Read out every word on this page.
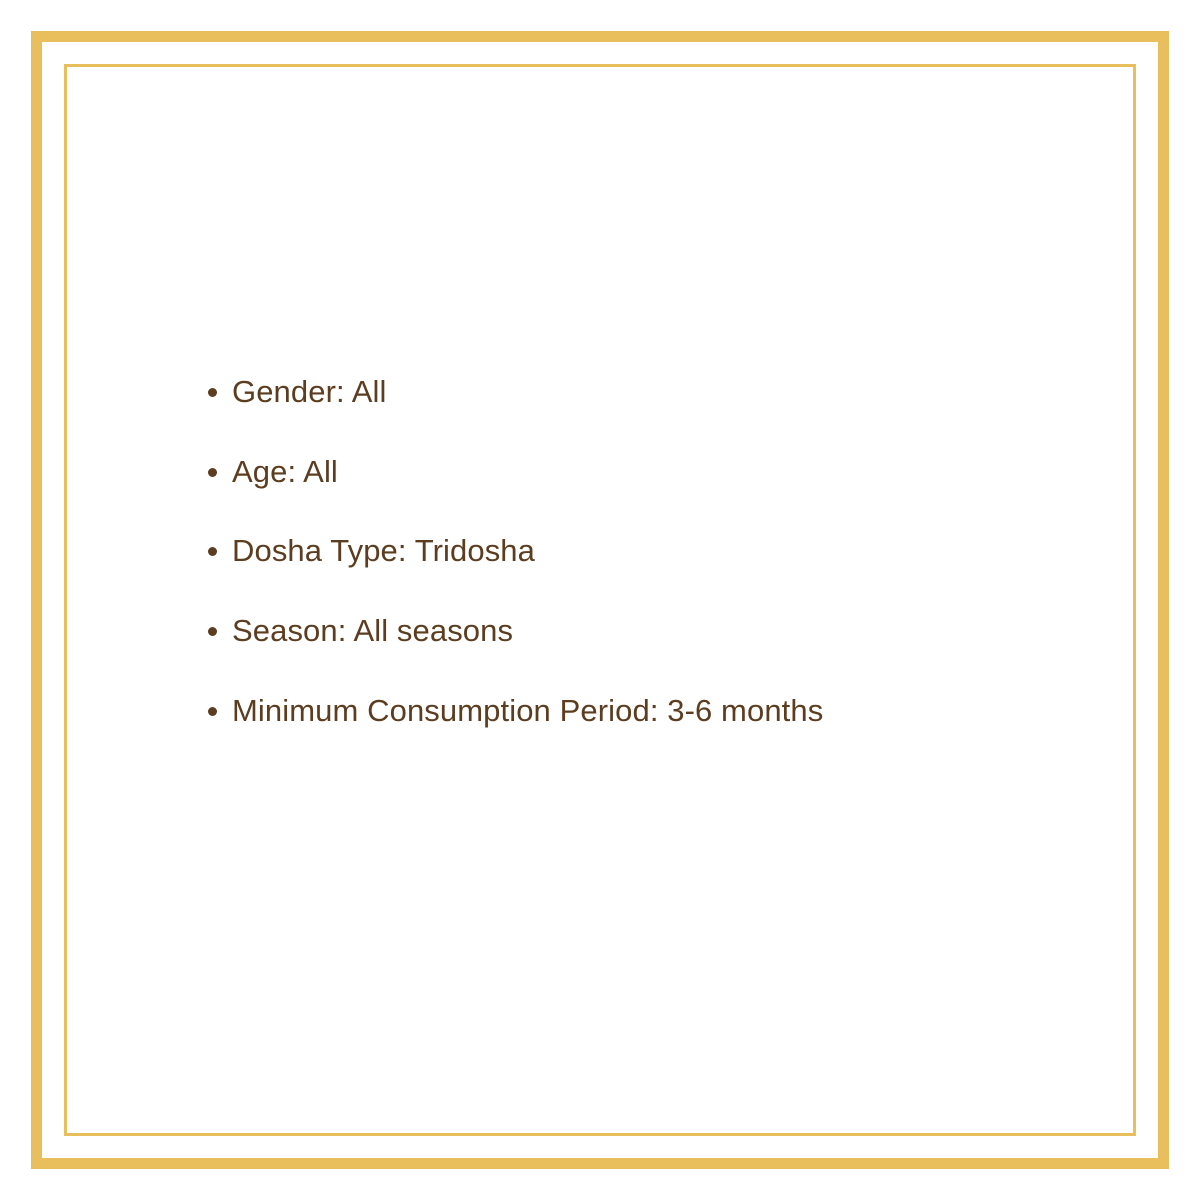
Gender: All
Age: All
Dosha Type: Tridosha
Season: All seasons
Minimum Consumption Period: 3-6 months
